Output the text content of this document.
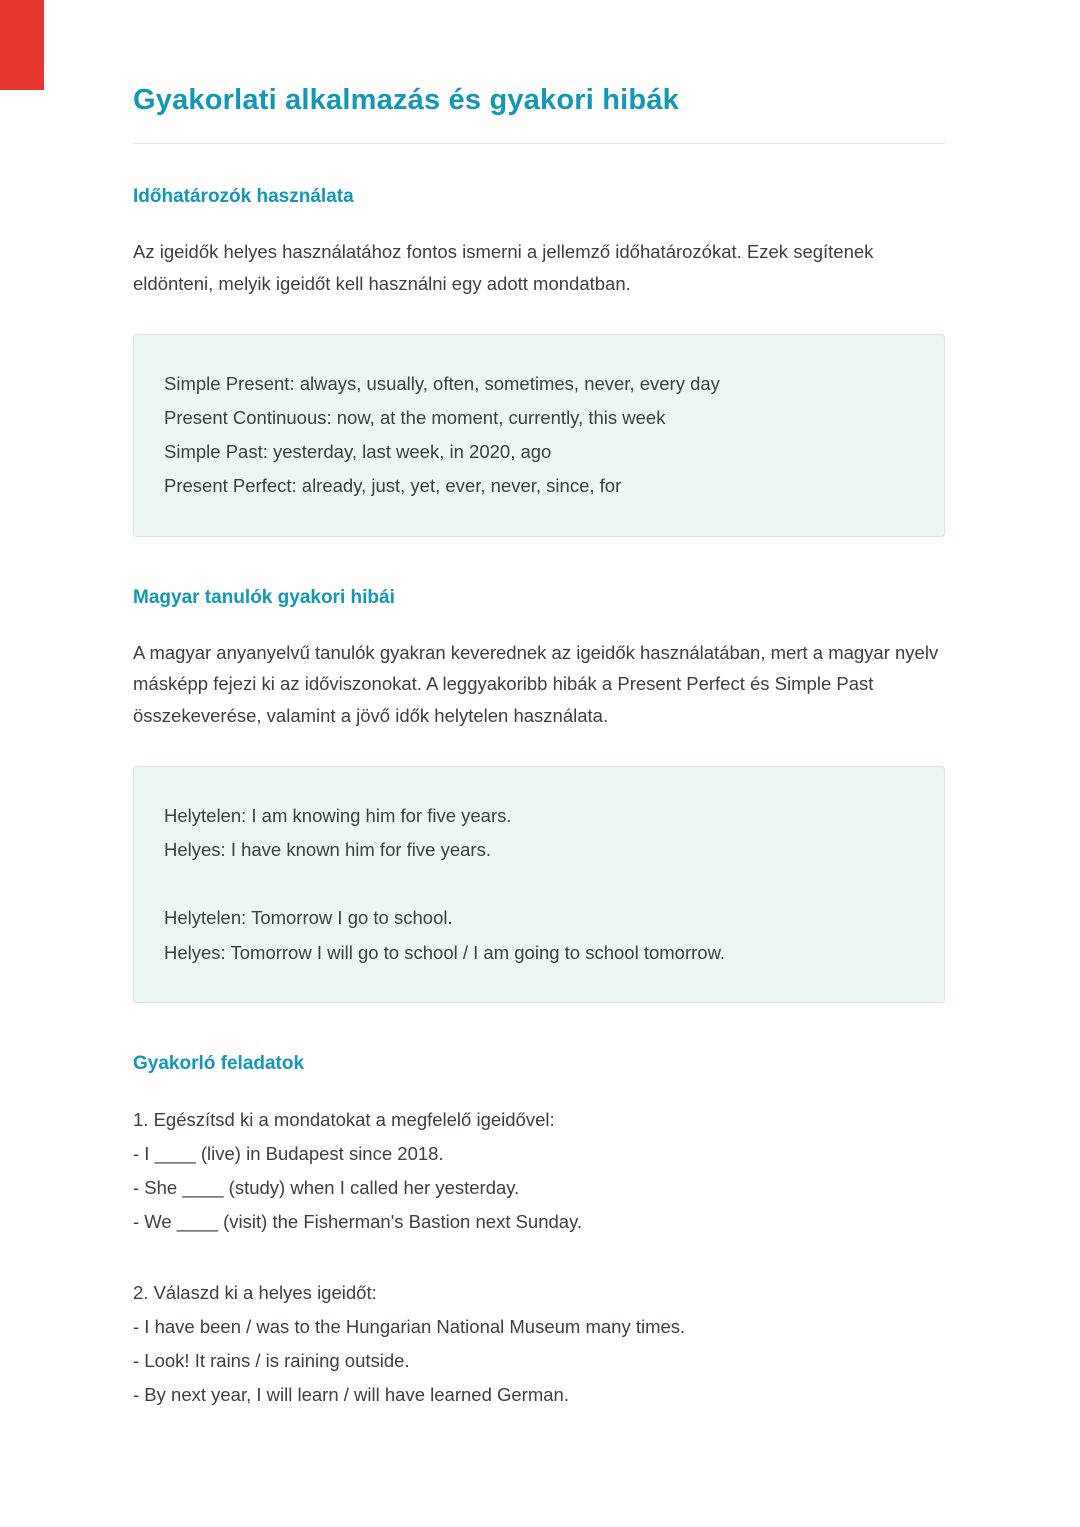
Gyakorlati alkalmazás és gyakori hibák
Időhatározók használata

Az igeidők helyes használatához fontos ismerni a jellemző időhatározókat. Ezek segítenek eldönteni, melyik igeidőt kell használni egy adott mondatban.

Simple Present: always, usually, often, sometimes, never, every day
Present Continuous: now, at the moment, currently, this week
Simple Past: yesterday, last week, in 2020, ago
Present Perfect: already, just, yet, ever, never, since, for
Magyar tanulók gyakori hibái

A magyar anyanyelvű tanulók gyakran keverednek az igeidők használatában, mert a magyar nyelv másképp fejezi ki az időviszonokat. A leggyakoribb hibák a Present Perfect és Simple Past összekeverése, valamint a jövő idők helytelen használata.

Helytelen: I am knowing him for five years.
Helyes: I have known him for five years.
Helytelen: Tomorrow I go to school.
Helyes: Tomorrow I will go to school / I am going to school tomorrow.
Gyakorló feladatok
1. Egészítsd ki a mondatokat a megfelelő igeidővel:
- I ____ (live) in Budapest since 2018.
- She ____ (study) when I called her yesterday.
- We ____ (visit) the Fisherman's Bastion next Sunday.
2. Válaszd ki a helyes igeidőt:
- I have been / was to the Hungarian National Museum many times.
- Look! It rains / is raining outside.
- By next year, I will learn / will have learned German.
